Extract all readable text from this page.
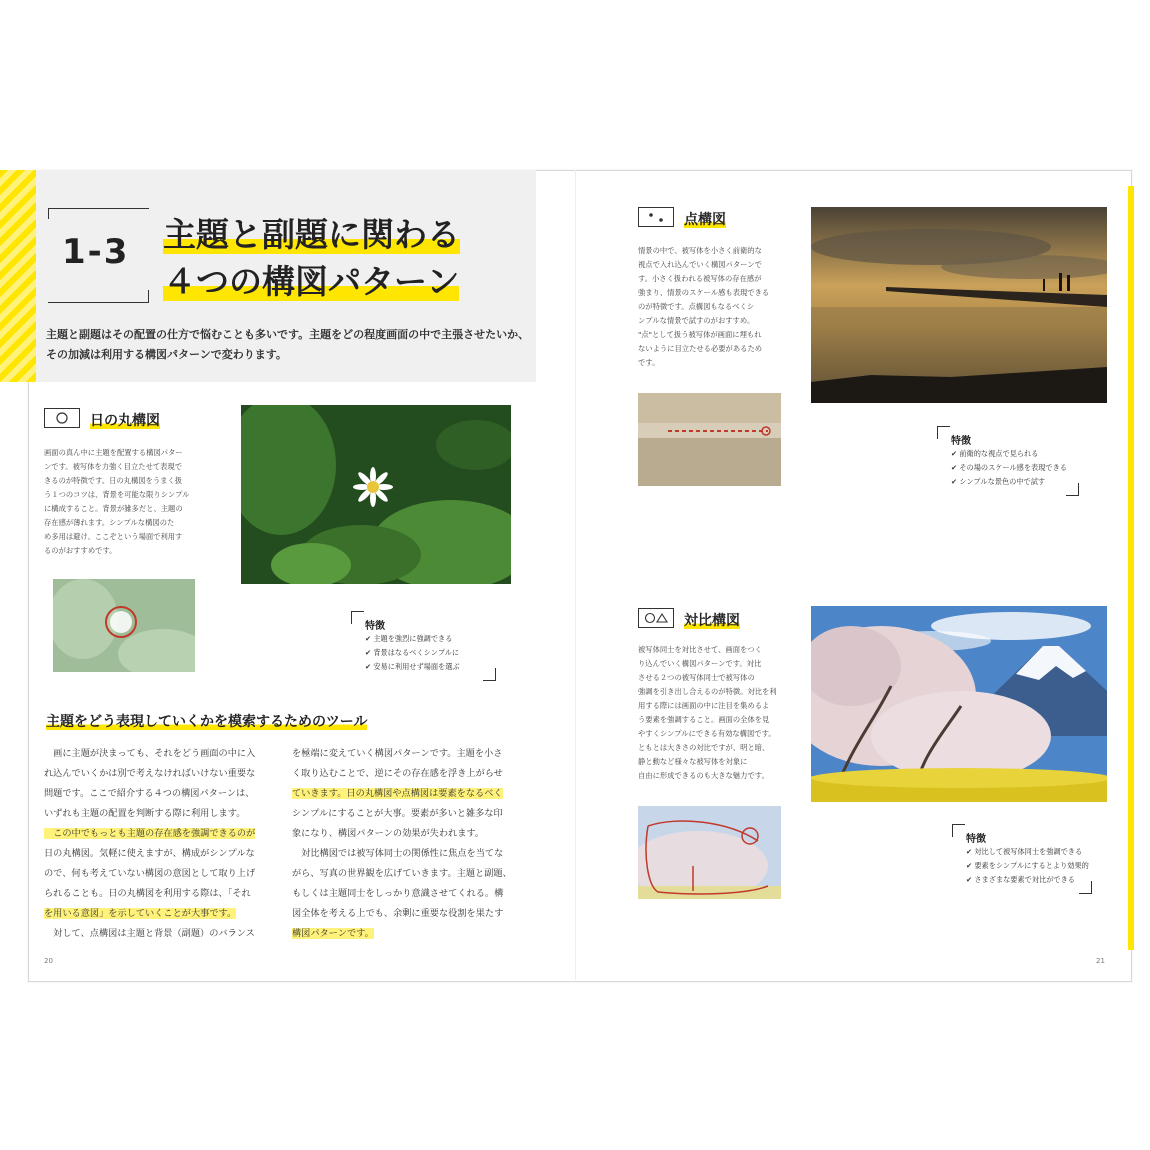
1-3 主題と副題に関わる
４つの構図パターン
主題と副題はその配置の仕方で悩むことも多いです。主題をどの程度画面の中で主張させたいか、
その加減は利用する構図パターンで変わります。
日の丸構図
画面の真ん中に主題を配置する構図パター
ンです。被写体を力強く目立たせて表現で
きるのが特徴です。日の丸構図をうまく扱
う１つのコツは、背景を可能な限りシンプル
に構成すること。背景が雑多だと、主題の
存在感が薄れます。シンプルな構図のた
め多用は避け、ここぞという場面で利用す
るのがおすすめです。
特徴
✔ 主題を強烈に強調できる
✔ 背景はなるべくシンプルに
✔ 安易に利用せず場面を選ぶ
主題をどう表現していくかを模索するためのツール
　画に主題が決まっても、それをどう画面の中に入
れ込んでいくかは別で考えなければいけない重要な
問題です。ここで紹介する４つの構図パターンは、
いずれも主題の配置を判断する際に利用します。
　この中でもっとも主題の存在感を強調できるのが
日の丸構図。気軽に使えますが、構成がシンプルな
ので、何も考えていない構図の意図として取り上げ
られることも。日の丸構図を利用する際は、「それ
を用いる意図」を示していくことが大事です。
　対して、点構図は主題と背景（副題）のバランス
を極端に変えていく構図パターンです。主題を小さ
く取り込むことで、逆にその存在感を浮き上がらせ
ていきます。日の丸構図や点構図は要素をなるべく
シンプルにすることが大事。要素が多いと雑多な印
象になり、構図パターンの効果が失われます。
　対比構図では被写体同士の関係性に焦点を当てな
がら、写真の世界観を広げていきます。主題と副題、
もしくは主題同士をしっかり意識させてくれる。構
図全体を考える上でも、余剰に重要な役割を果たす
構図パターンです。
点構図
情景の中で、被写体を小さく前衛的な
視点で入れ込んでいく構図パターンで
す。小さく扱われる被写体の存在感が
強まり、情景のスケール感も表現できる
のが特徴です。点構図もなるべくシ
ンプルな情景で試すのがおすすめ。
"点"として扱う被写体が画面に埋もれ
ないように目立たせる必要があるため
です。
特徴
✔ 前衛的な視点で見られる
✔ その場のスケール感を表現できる
✔ シンプルな景色の中で試す
対比構図
被写体同士を対比させて、画面をつく
り込んでいく構図パターンです。対比
させる２つの被写体同士で被写体の
強調を引き出し合えるのが特徴。対比を利
用する際には画面の中に注目を集めるよ
う要素を強調すること。画面の全体を見
やすくシンプルにできる有効な構図です。
ともとは大きさの対比ですが、明と暗、
静と動など様々な被写体を対象に
自由に形成できるのも大きな魅力です。
特徴
✔ 対比して被写体同士を強調できる
✔ 要素をシンプルにするとより効果的
✔ さまざまな要素で対比ができる
20	21
